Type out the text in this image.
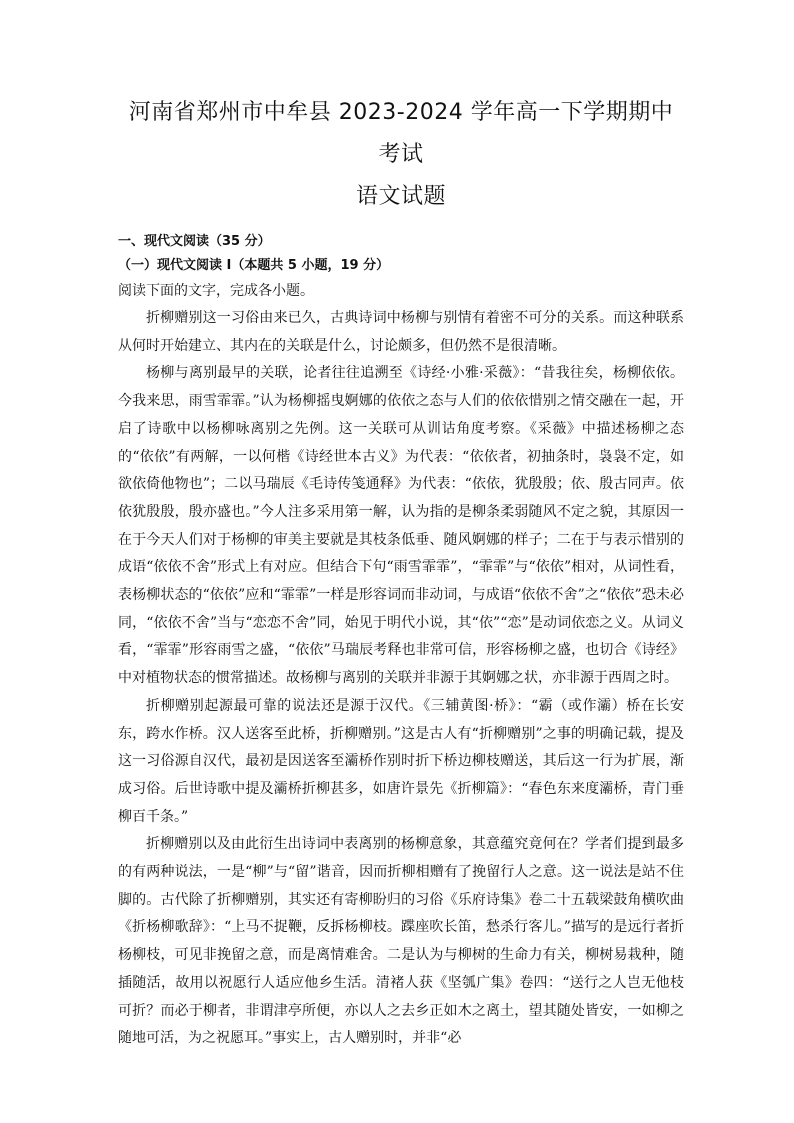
河南省郑州市中牟县 2023-2024 学年高一下学期期中考试
语文试题
一、现代文阅读（35 分）
（一）现代文阅读 I（本题共 5 小题，19 分）
阅读下面的文字，完成各小题。

折柳赠别这一习俗由来已久，古典诗词中杨柳与别情有着密不可分的关系。而这种联系从何时开始建立、其内在的关联是什么，讨论颇多，但仍然不是很清晰。

杨柳与离别最早的关联，论者往往追溯至《诗经·小雅·采薇》：“昔我往矣，杨柳依依。今我来思，雨雪霏霏。”认为杨柳摇曳婀娜的依依之态与人们的依依惜别之情交融在一起，开启了诗歌中以杨柳咏离别之先例。这一关联可从训诂角度考察。《采薇》中描述杨柳之态的“依依”有两解，一以何楷《诗经世本古义》为代表：“依依者，初抽条时，袅袅不定，如欲依倚他物也”；二以马瑞辰《毛诗传笺通释》为代表：“依依，犹殷殷；依、殷古同声。依依犹殷殷，殷亦盛也。”今人注多采用第一解，认为指的是柳条柔弱随风不定之貌，其原因一在于今天人们对于杨柳的审美主要就是其枝条低垂、随风婀娜的样子；二在于与表示惜别的成语“依依不舍”形式上有对应。但结合下句“雨雪霏霏”，“霏霏”与“依依”相对，从词性看，表杨柳状态的“依依”应和“霏霏”一样是形容词而非动词，与成语“依依不舍”之“依依”恐未必同，“依依不舍”当与“恋恋不舍”同，始见于明代小说，其“依”“恋”是动词依恋之义。从词义看，“霏霏”形容雨雪之盛，“依依”马瑞辰考释也非常可信，形容杨柳之盛，也切合《诗经》中对植物状态的惯常描述。故杨柳与离别的关联并非源于其婀娜之状，亦非源于西周之时。

折柳赠别起源最可靠的说法还是源于汉代。《三辅黄图·桥》：“霸（或作灞）桥在长安东，跨水作桥。汉人送客至此桥，折柳赠别。”这是古人有“折柳赠别”之事的明确记载，提及这一习俗源自汉代，最初是因送客至灞桥作别时折下桥边柳枝赠送，其后这一行为扩展，渐成习俗。后世诗歌中提及灞桥折柳甚多，如唐许景先《折柳篇》：“春色东来度灞桥，青门垂柳百千条。”

折柳赠别以及由此衍生出诗词中表离别的杨柳意象，其意蕴究竟何在？学者们提到最多的有两种说法，一是“柳”与“留”谐音，因而折柳相赠有了挽留行人之意。这一说法是站不住脚的。古代除了折柳赠别，其实还有寄柳盼归的习俗《乐府诗集》卷二十五载梁鼓角横吹曲《折杨柳歌辞》：“上马不捉鞭，反拆杨柳枝。蹀座吹长笛，愁杀行客儿。”描写的是远行者折杨柳枝，可见非挽留之意，而是离情难舍。二是认为与柳树的生命力有关，柳树易栽种，随插随活，故用以祝愿行人适应他乡生活。清褚人获《坚瓠广集》卷四：“送行之人岂无他枝可折？而必于柳者，非谓津亭所便，亦以人之去乡正如木之离土，望其随处皆安，一如柳之随地可活，为之祝愿耳。”事实上，古人赠别时，并非“必
